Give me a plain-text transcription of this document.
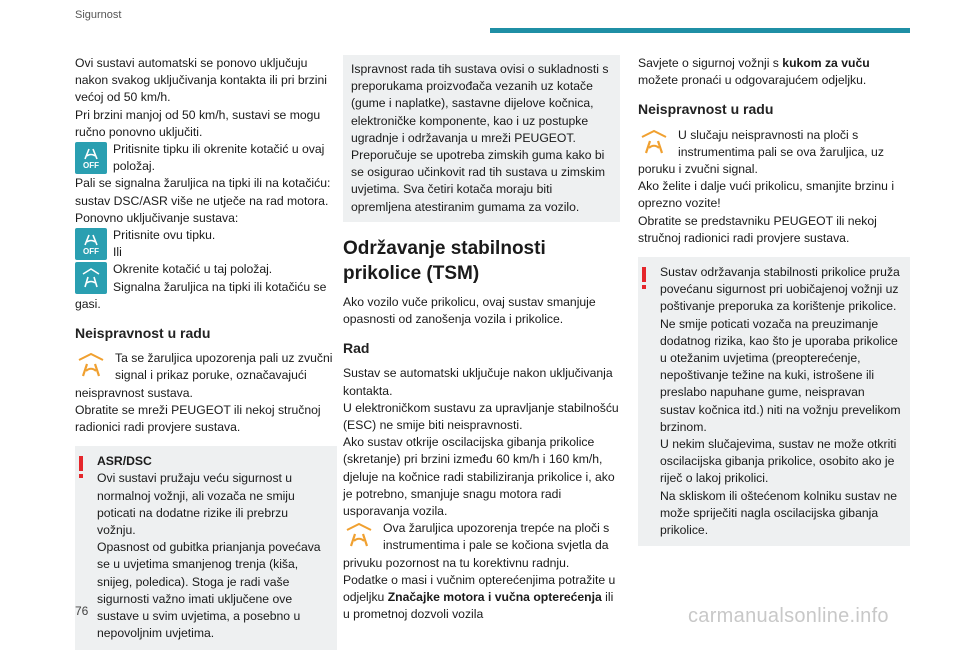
Sigurnost

Ovi sustavi automatski se ponovo uključuju nakon svakog uključivanja kontakta ili pri brzini većoj od 50 km/h.

Pri brzini manjoj od 50 km/h, sustavi se mogu ručno ponovno uključiti.

OFF

Pritisnite tipku ili okrenite kotačić u ovaj položaj.

Pali se signalna žaruljica na tipki ili na kotačiću: sustav DSC/ASR više ne utječe na rad motora.

Ponovno uključivanje sustava:

OFF

Pritisnite ovu tipku.

Ili

Okrenite kotačić u taj položaj.

Signalna žaruljica na tipki ili kotačiću se gasi.

Neispravnost u radu

Ta se žaruljica upozorenja pali uz zvučni signal i prikaz poruke, označavajući neispravnost sustava.

Obratite se mreži PEUGEOT ili nekoj stručnoj radionici radi provjere sustava.

ASR/DSC

Ovi sustavi pružaju veću sigurnost u normalnoj vožnji, ali vozača ne smiju poticati na dodatne rizike ili prebrzu vožnju.

Opasnost od gubitka prianjanja povećava se u uvjetima smanjenog trenja (kiša, snijeg, poledica). Stoga je radi vaše sigurnosti važno imati uključene ove sustave u svim uvjetima, a posebno u nepovoljnim uvjetima.

Ispravnost rada tih sustava ovisi o sukladnosti s preporukama proizvođača vezanih uz kotače (gume i naplatke), sastavne dijelove kočnica, elektroničke komponente, kao i uz postupke ugradnje i održavanja u mreži PEUGEOT.

Preporučuje se upotreba zimskih guma kako bi se osigurao učinkovit rad tih sustava u zimskim uvjetima. Sva četiri kotača moraju biti opremljena atestiranim gumama za vozilo.

Održavanje stabilnosti prikolice (TSM)

Ako vozilo vuče prikolicu, ovaj sustav smanjuje opasnosti od zanošenja vozila i prikolice.

Rad

Sustav se automatski uključuje nakon uključivanja kontakta.

U elektroničkom sustavu za upravljanje stabilnošću (ESC) ne smije biti neispravnosti.

Ako sustav otkrije oscilacijska gibanja prikolice (skretanje) pri brzini između 60 km/h i 160 km/h, djeluje na kočnice radi stabiliziranja prikolice i, ako je potrebno, smanjuje snagu motora radi usporavanja vozila.

Ova žaruljica upozorenja trepće na ploči s instrumentima i pale se kočiona svjetla da privuku pozornost na tu korektivnu radnju.

Podatke o masi i vučnim opterećenjima potražite u odjeljku Značajke motora i vučna opterećenja ili u prometnoj dozvoli vozila

Savjete o sigurnoj vožnji s kukom za vuču možete pronaći u odgovarajućem odjeljku.

Neispravnost u radu

U slučaju neispravnosti na ploči s instrumentima pali se ova žaruljica, uz poruku i zvučni signal.

Ako želite i dalje vući prikolicu, smanjite brzinu i oprezno vozite!

Obratite se predstavniku PEUGEOT ili nekoj stručnoj radionici radi provjere sustava.

Sustav održavanja stabilnosti prikolice pruža povećanu sigurnost pri uobičajenoj vožnji uz poštivanje preporuka za korištenje prikolice. Ne smije poticati vozača na preuzimanje dodatnog rizika, kao što je uporaba prikolice u otežanim uvjetima (preopterećenje, nepoštivanje težine na kuki, istrošene ili preslabo napuhane gume, neispravan sustav kočnica itd.) niti na vožnju prevelikom brzinom.

U nekim slučajevima, sustav ne može otkriti oscilacijska gibanja prikolice, osobito ako je riječ o lakoj prikolici.

Na skliskom ili oštećenom kolniku sustav ne može spriječiti nagla oscilacijska gibanja prikolice.

76	carmanualsonline.info
